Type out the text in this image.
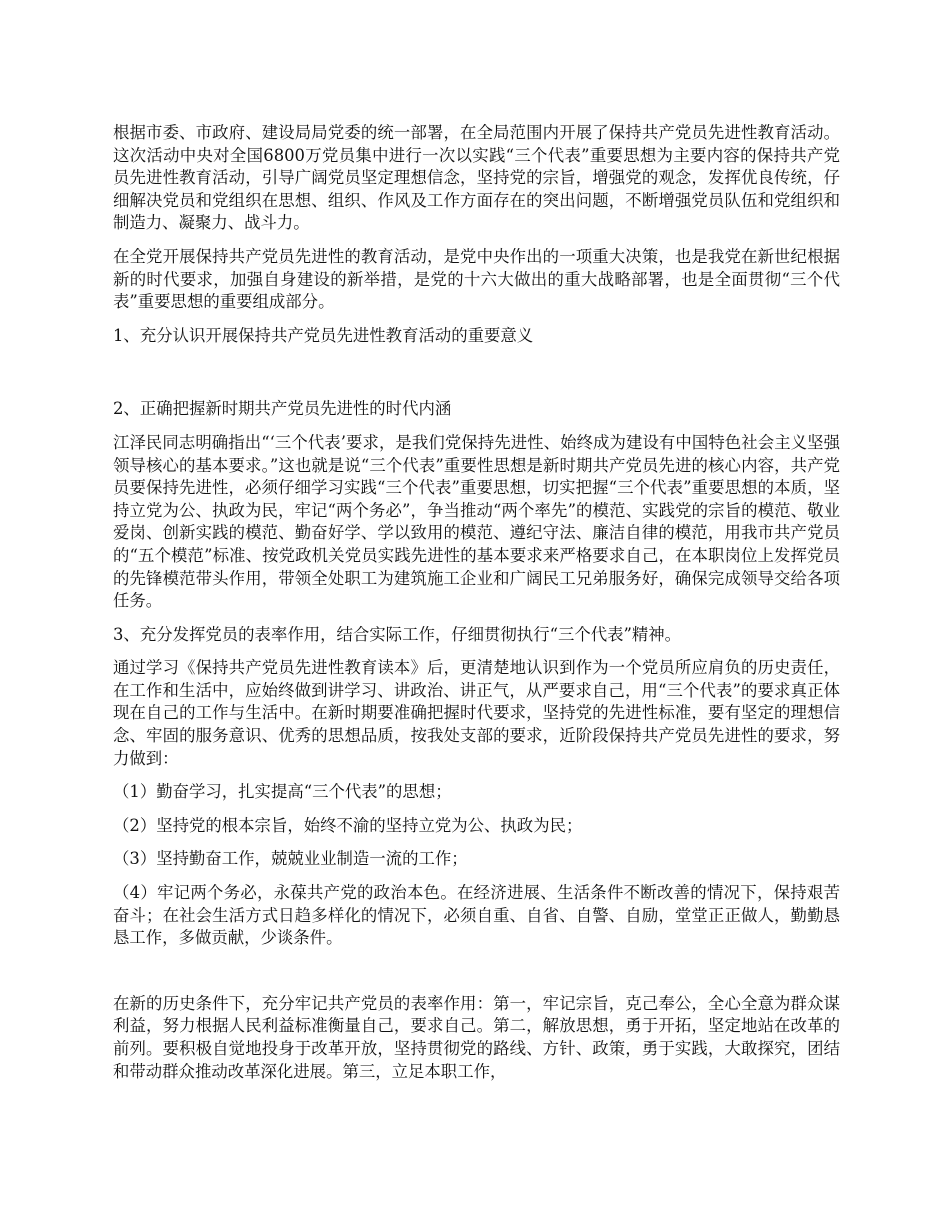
根据市委、市政府、建设局局党委的统一部署，在全局范围内开展了保持共产党员先进性教育活动。这次活动中央对全国6800万党员集中进行一次以实践“三个代表”重要思想为主要内容的保持共产党员先进性教育活动，引导广阔党员坚定理想信念，坚持党的宗旨，增强党的观念，发挥优良传统，仔细解决党员和党组织在思想、组织、作风及工作方面存在的突出问题，不断增强党员队伍和党组织和制造力、凝聚力、战斗力。

在全党开展保持共产党员先进性的教育活动，是党中央作出的一项重大决策，也是我党在新世纪根据新的时代要求，加强自身建设的新举措，是党的十六大做出的重大战略部署，也是全面贯彻“三个代表”重要思想的重要组成部分。

1、充分认识开展保持共产党员先进性教育活动的重要意义

2、正确把握新时期共产党员先进性的时代内涵

江泽民同志明确指出“‘三个代表’要求，是我们党保持先进性、始终成为建设有中国特色社会主义坚强领导核心的基本要求。”这也就是说“三个代表”重要性思想是新时期共产党员先进的核心内容，共产党员要保持先进性，必须仔细学习实践“三个代表”重要思想，切实把握“三个代表”重要思想的本质，坚持立党为公、执政为民，牢记“两个务必”，争当推动“两个率先”的模范、实践党的宗旨的模范、敬业爱岗、创新实践的模范、勤奋好学、学以致用的模范、遵纪守法、廉洁自律的模范，用我市共产党员的“五个模范”标准、按党政机关党员实践先进性的基本要求来严格要求自己，在本职岗位上发挥党员的先锋模范带头作用，带领全处职工为建筑施工企业和广阔民工兄弟服务好，确保完成领导交给各项任务。

3、充分发挥党员的表率作用，结合实际工作，仔细贯彻执行“三个代表”精神。

通过学习《保持共产党员先进性教育读本》后，更清楚地认识到作为一个党员所应肩负的历史责任，在工作和生活中，应始终做到讲学习、讲政治、讲正气，从严要求自己，用“三个代表”的要求真正体现在自己的工作与生活中。在新时期要准确把握时代要求，坚持党的先进性标准，要有坚定的理想信念、牢固的服务意识、优秀的思想品质，按我处支部的要求，近阶段保持共产党员先进性的要求，努力做到：

（1）勤奋学习，扎实提高“三个代表”的思想；

（2）坚持党的根本宗旨，始终不渝的坚持立党为公、执政为民；

（3）坚持勤奋工作，兢兢业业制造一流的工作；

（4）牢记两个务必，永葆共产党的政治本色。在经济进展、生活条件不断改善的情况下，保持艰苦奋斗；在社会生活方式日趋多样化的情况下，必须自重、自省、自警、自励，堂堂正正做人，勤勤恳恳工作，多做贡献，少谈条件。

在新的历史条件下，充分牢记共产党员的表率作用：第一，牢记宗旨，克己奉公，全心全意为群众谋利益，努力根据人民利益标准衡量自己，要求自己。第二，解放思想，勇于开拓，坚定地站在改革的前列。要积极自觉地投身于改革开放，坚持贯彻党的路线、方针、政策，勇于实践，大敢探究，团结和带动群众推动改革深化进展。第三，立足本职工作，
